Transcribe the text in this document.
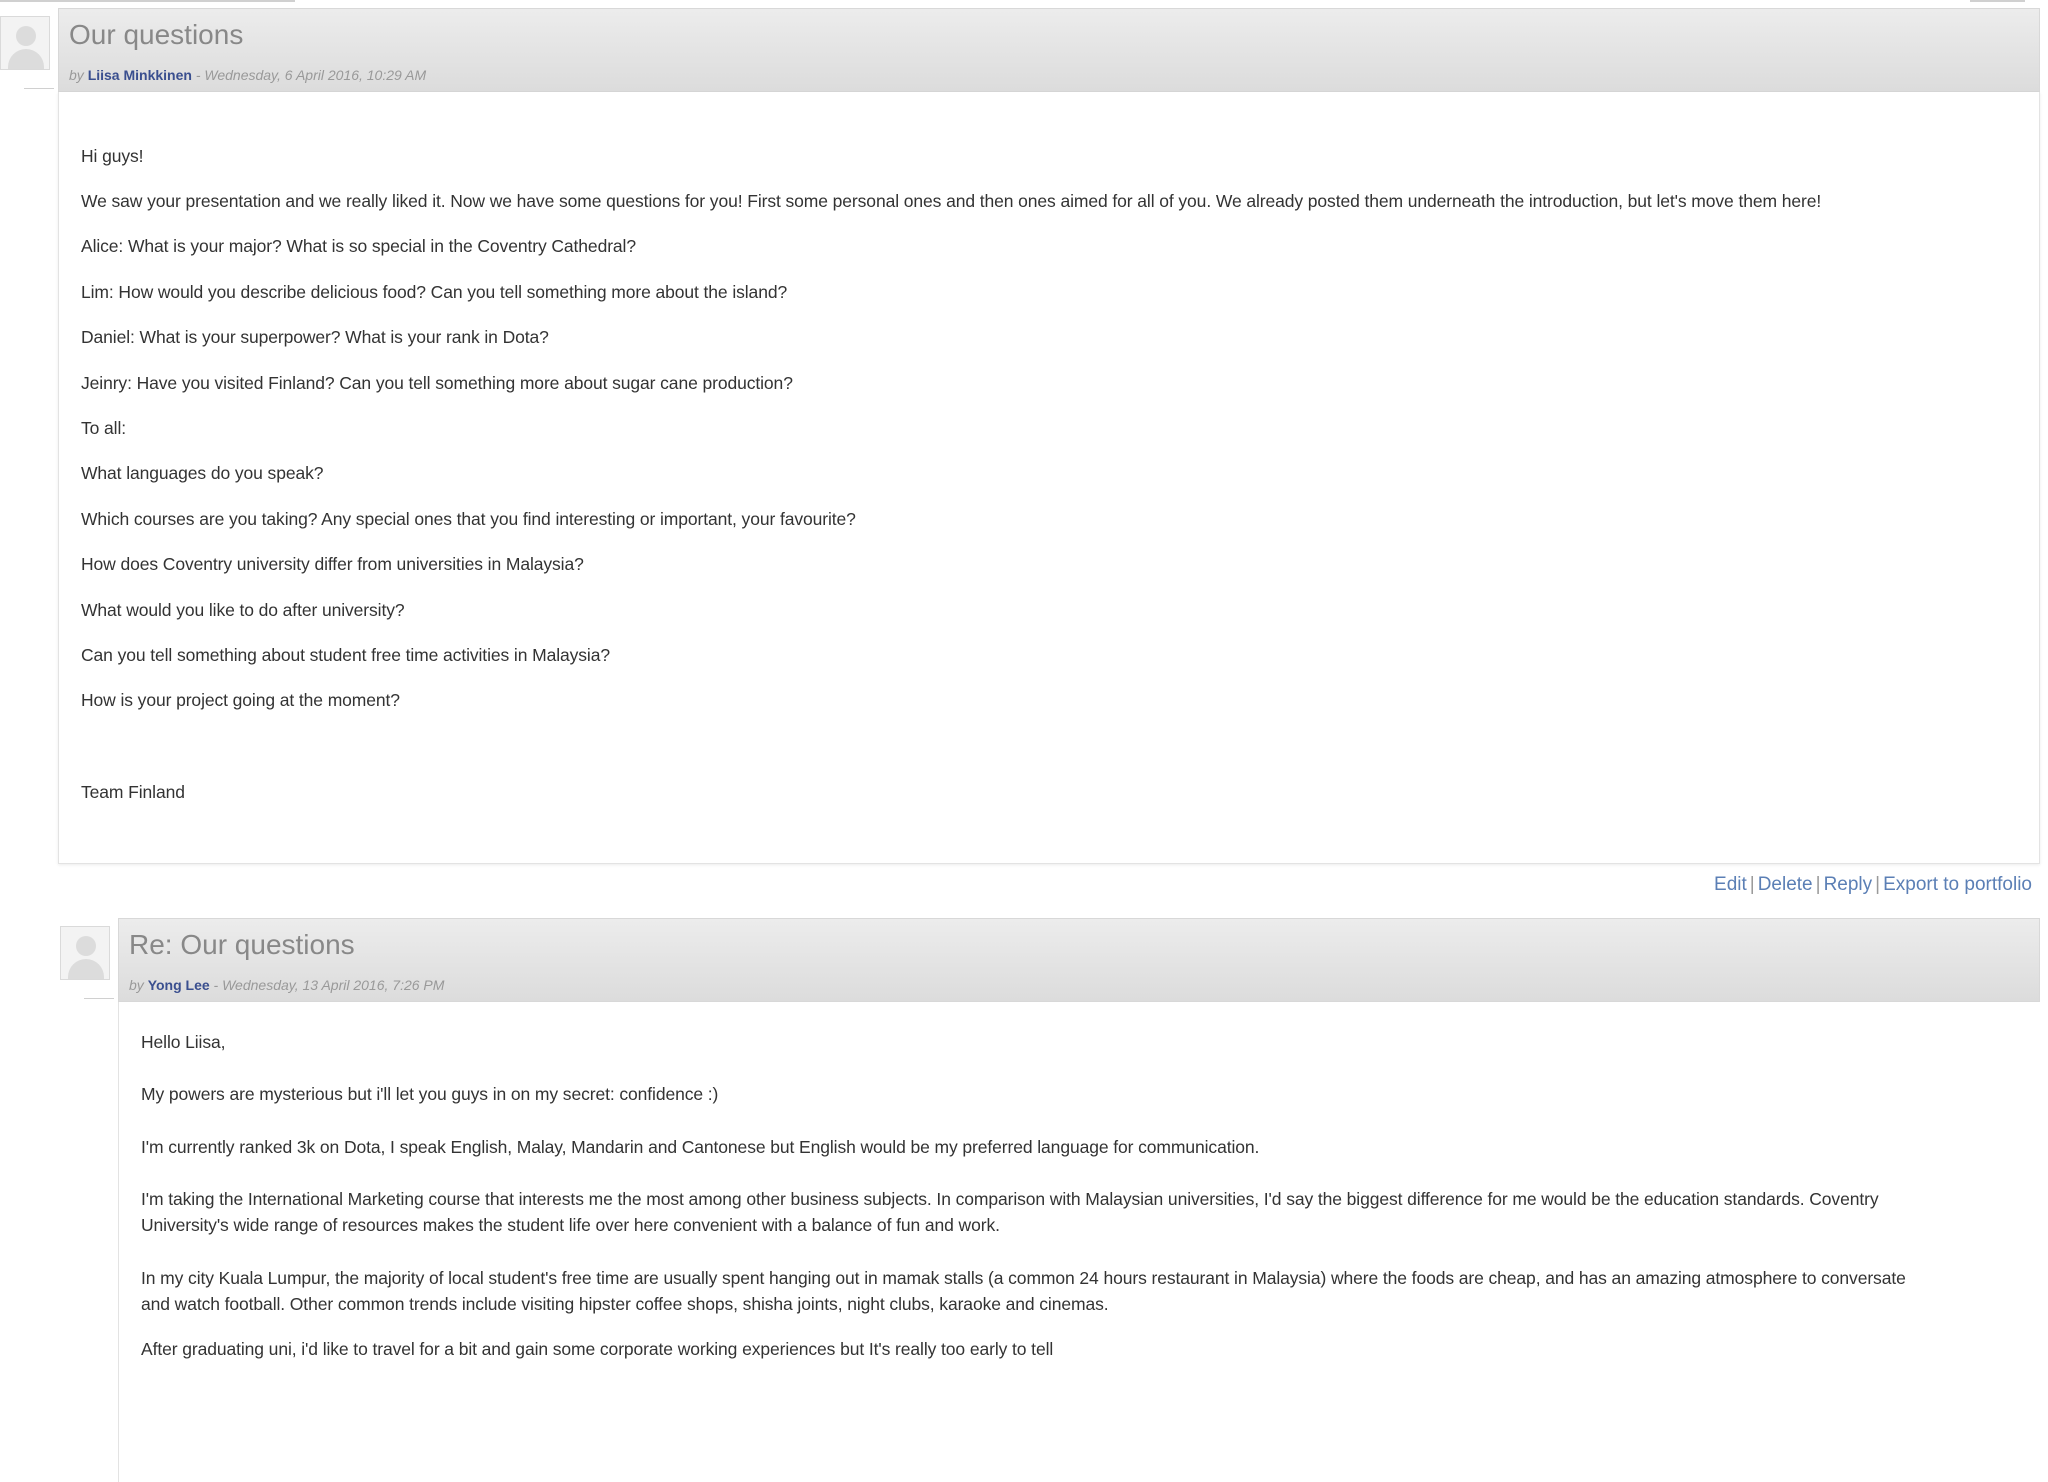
Our questions
by Liisa Minkkinen - Wednesday, 6 April 2016, 10:29 AM
Hi guys!
We saw your presentation and we really liked it. Now we have some questions for you! First some personal ones and then ones aimed for all of you. We already posted them underneath the introduction, but let's move them here!
Alice: What is your major? What is so special in the Coventry Cathedral?
Lim: How would you describe delicious food? Can you tell something more about the island?
Daniel: What is your superpower? What is your rank in Dota?
Jeinry: Have you visited Finland? Can you tell something more about sugar cane production?
To all:
What languages do you speak?
Which courses are you taking? Any special ones that you find interesting or important, your favourite?
How does Coventry university differ from universities in Malaysia?
What would you like to do after university?
Can you tell something about student free time activities in Malaysia?
How is your project going at the moment?
Team Finland
Edit | Delete | Reply | Export to portfolio
Re: Our questions
by Yong Lee - Wednesday, 13 April 2016, 7:26 PM
Hello Liisa,
My powers are mysterious but i'll let you guys in on my secret: confidence :)
I'm currently ranked 3k on Dota, I speak English, Malay, Mandarin and Cantonese but English would be my preferred language for communication.
I'm taking the International Marketing course that interests me the most among other business subjects. In comparison with Malaysian universities, I'd say the biggest difference for me would be the education standards. Coventry
University's wide range of resources makes the student life over here convenient with a balance of fun and work.
In my city Kuala Lumpur, the majority of local student's free time are usually spent hanging out in mamak stalls (a common 24 hours restaurant in Malaysia) where the foods are cheap, and has an amazing atmosphere to conversate
and watch football. Other common trends include visiting hipster coffee shops, shisha joints, night clubs, karaoke and cinemas.
After graduating uni, i'd like to travel for a bit and gain some corporate working experiences but It's really too early to tell
